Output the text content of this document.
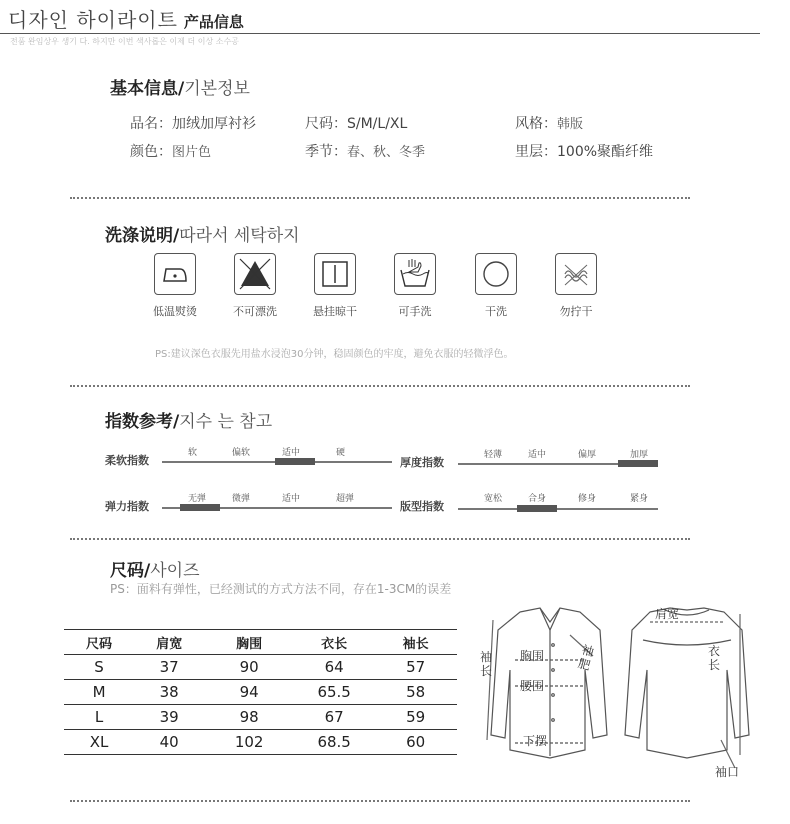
디자인 하이라이트 产品信息
전품 완임상우 생기 다. 하지만 이번 색사롭은 이제 더 이상 소수공
基本信息/기본정보
品名：加绒加厚衬衫	尺码：S/M/L/XL	风格：韩版
颜色：图片色	季节：春、秋、冬季	里层：100%聚酯纤维
洗涤说明/따라서 세탁하지
低温熨烫	不可漂洗	悬挂晾干	可手洗	干洗	勿拧干
PS:建议深色衣服先用盐水浸泡30分钟，稳固颜色的牢度，避免衣服的轻微浮色。
指数参考/지수 는 참고
柔软指数
软	偏软	适中	硬
厚度指数
轻薄	适中	偏厚	加厚
弹力指数
无弹	微弹	适中	超弹
版型指数
宽松	合身	修身	紧身
尺码/사이즈
PS：面料有弹性，已经测试的方式方法不同，存在1-3CM的误差
尺码	肩宽	胸围	衣长	袖长
S	37	90	64	57
M	38	94	65.5	58
L	39	98	67	59
XL	40	102	68.5	60
胸围
腰围
下摆
肩宽
袖口
袖长
袖肥
衣长
